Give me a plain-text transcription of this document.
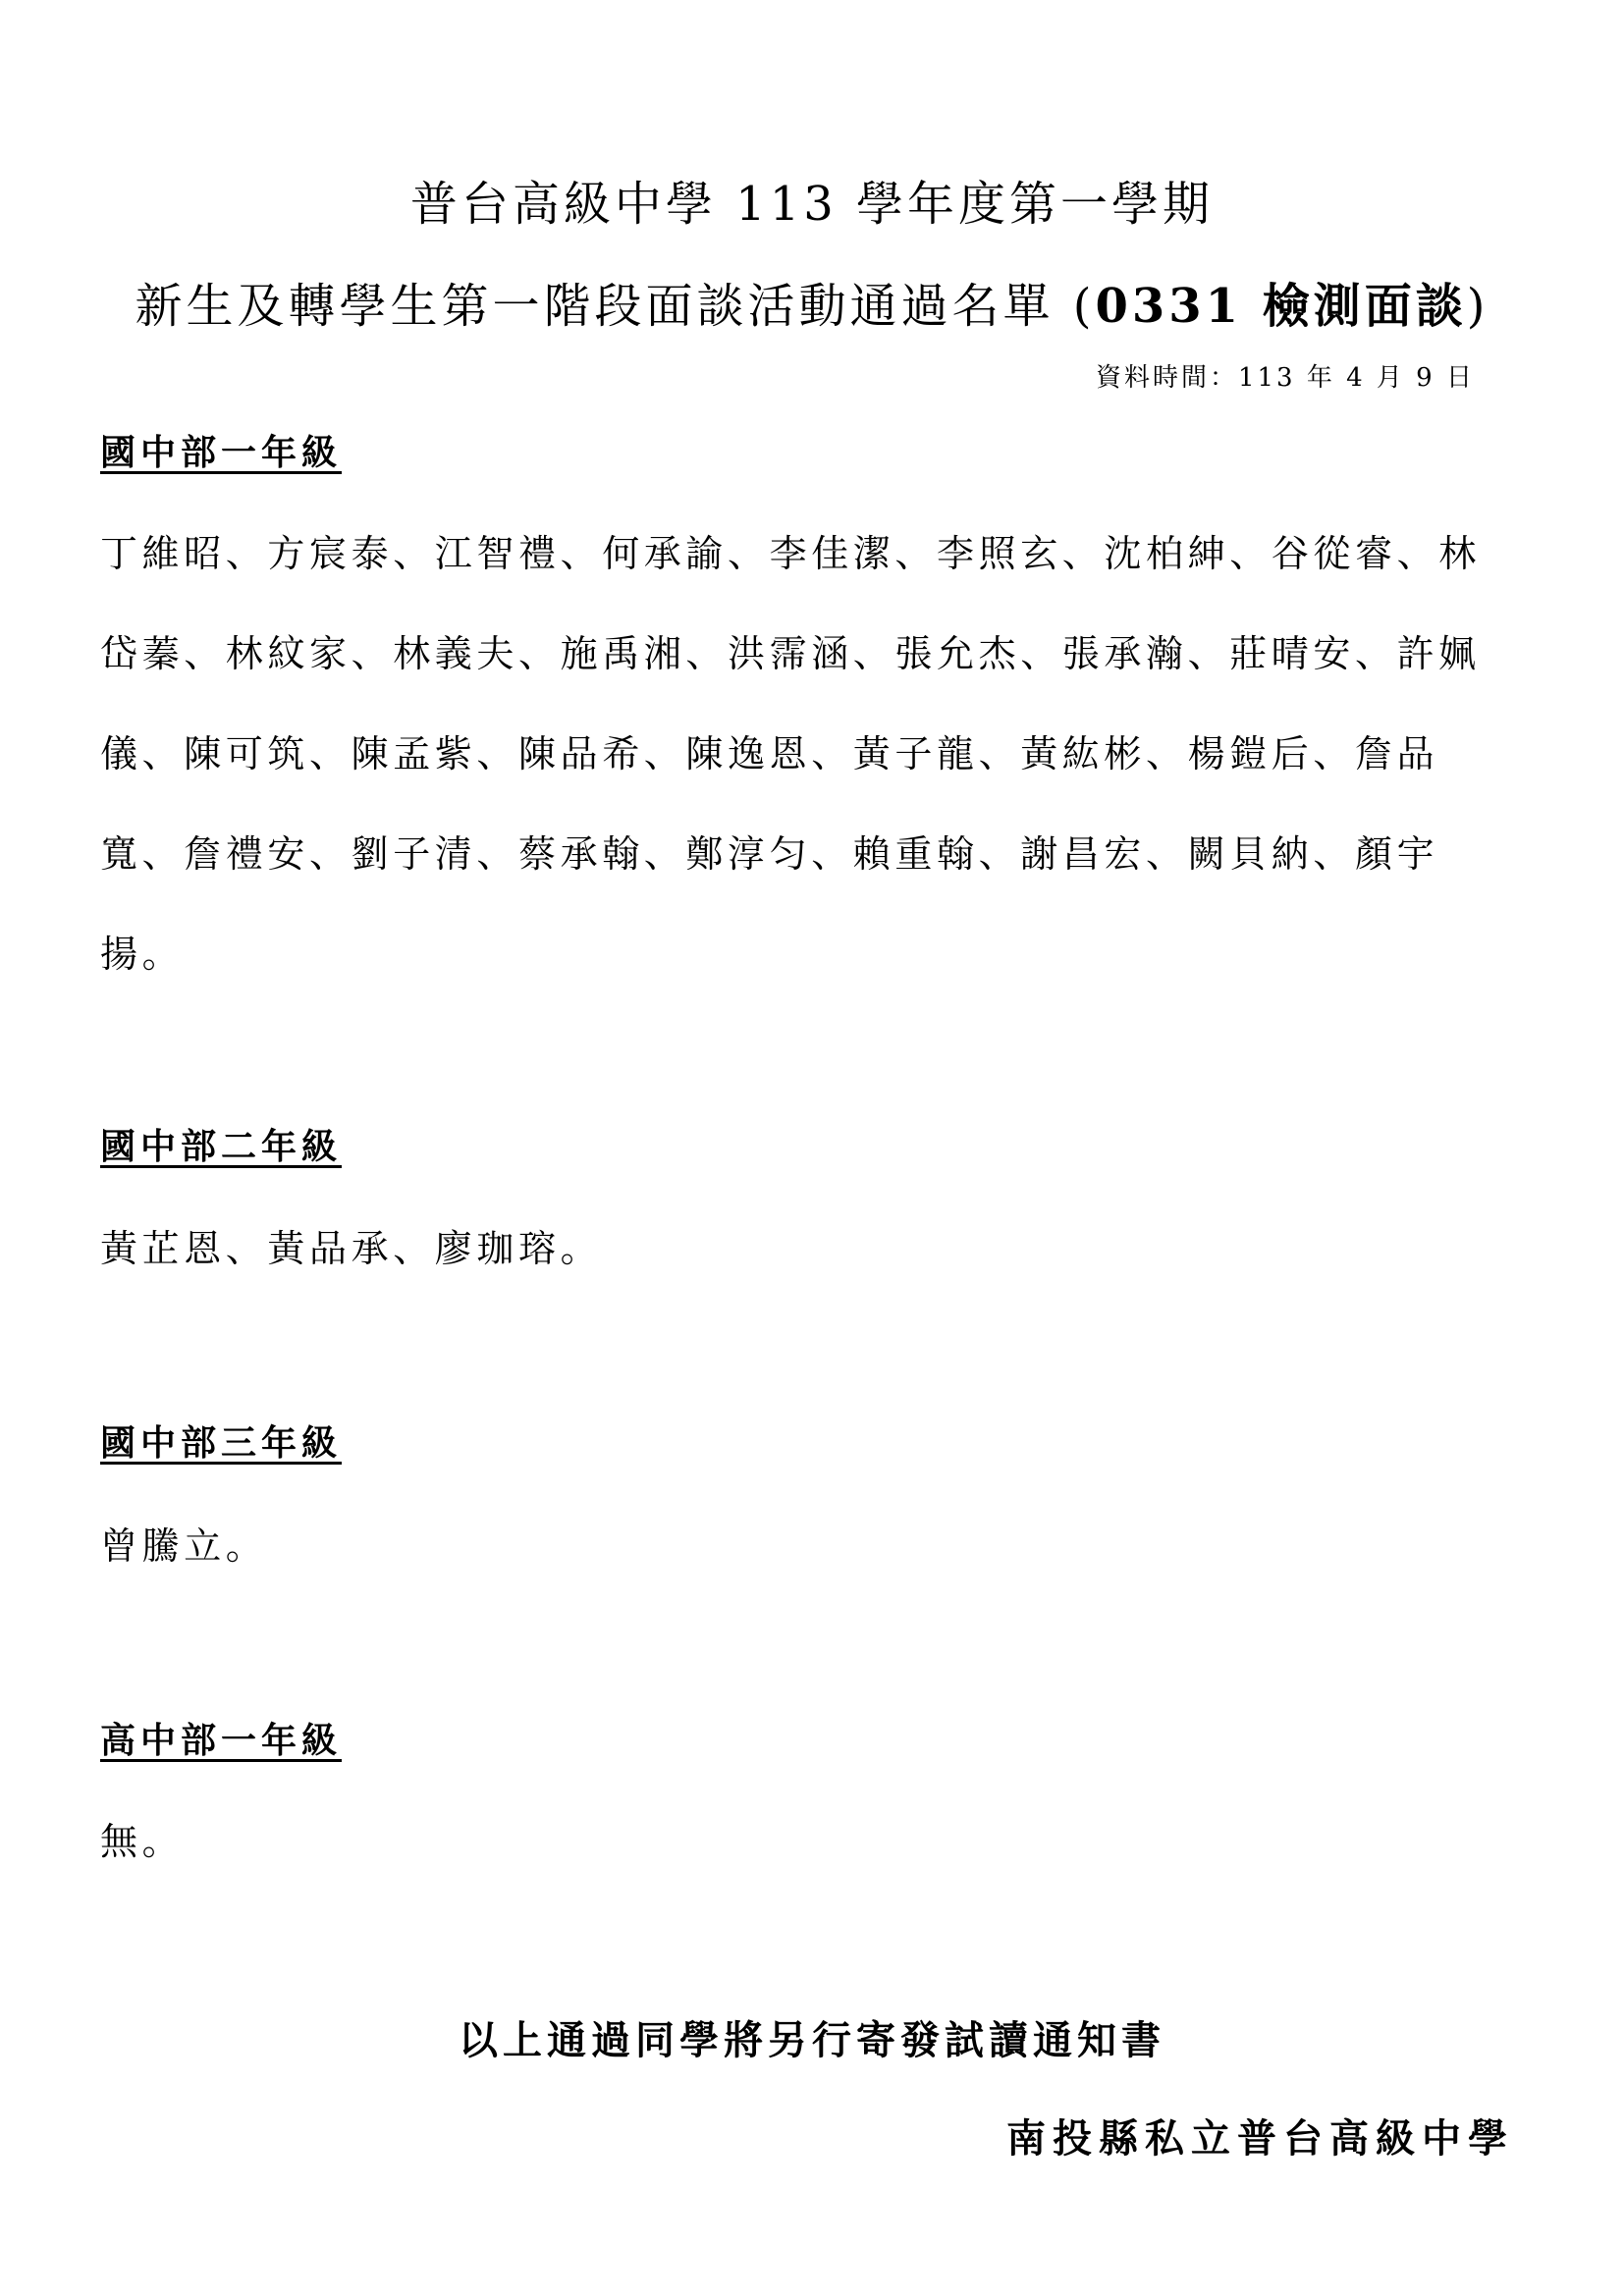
普台高級中學 113 學年度第一學期
新生及轉學生第一階段面談活動通過名單 (0331 檢測面談)
資料時間：113 年 4 月 9 日
國中部一年級

丁維昭、方宸泰、江智禮、何承諭、李佳潔、李照玄、沈柏紳、谷從睿、林岱蓁、林紋家、林義夫、施禹湘、洪霈涵、張允杰、張承瀚、莊晴安、許姵儀、陳可筑、陳孟紫、陳品希、陳逸恩、黃子龍、黃紘彬、楊鎧后、詹品寬、詹禮安、劉子清、蔡承翰、鄭淳匀、賴重翰、謝昌宏、闕貝納、顏宇揚。

國中部二年級

黃芷恩、黃品承、廖珈瑢。

國中部三年級

曾騰立。

高中部一年級

無。

以上通過同學將另行寄發試讀通知書
南投縣私立普台高級中學
